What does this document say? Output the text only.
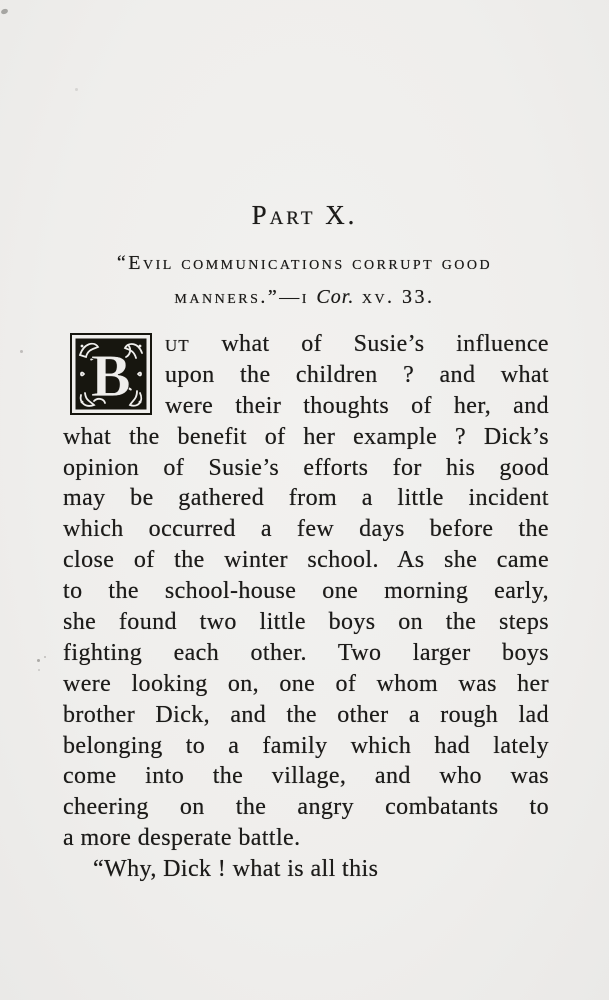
Part X.
“Evil communications corrupt good
manners.”—i Cor. xv. 33.
B ut what of Susie’s influence
upon the children ? and what
were their thoughts of her, and
what the benefit of her example ? Dick’s
opinion of Susie’s efforts for his good
may be gathered from a little incident
which occurred a few days before the
close of the winter school. As she came
to the school-house one morning early,
she found two little boys on the steps
fighting each other. Two larger boys
were looking on, one of whom was her
brother Dick, and the other a rough lad
belonging to a family which had lately
come into the village, and who was
cheering on the angry combatants to
a more desperate battle.
“Why, Dick ! what is all this
